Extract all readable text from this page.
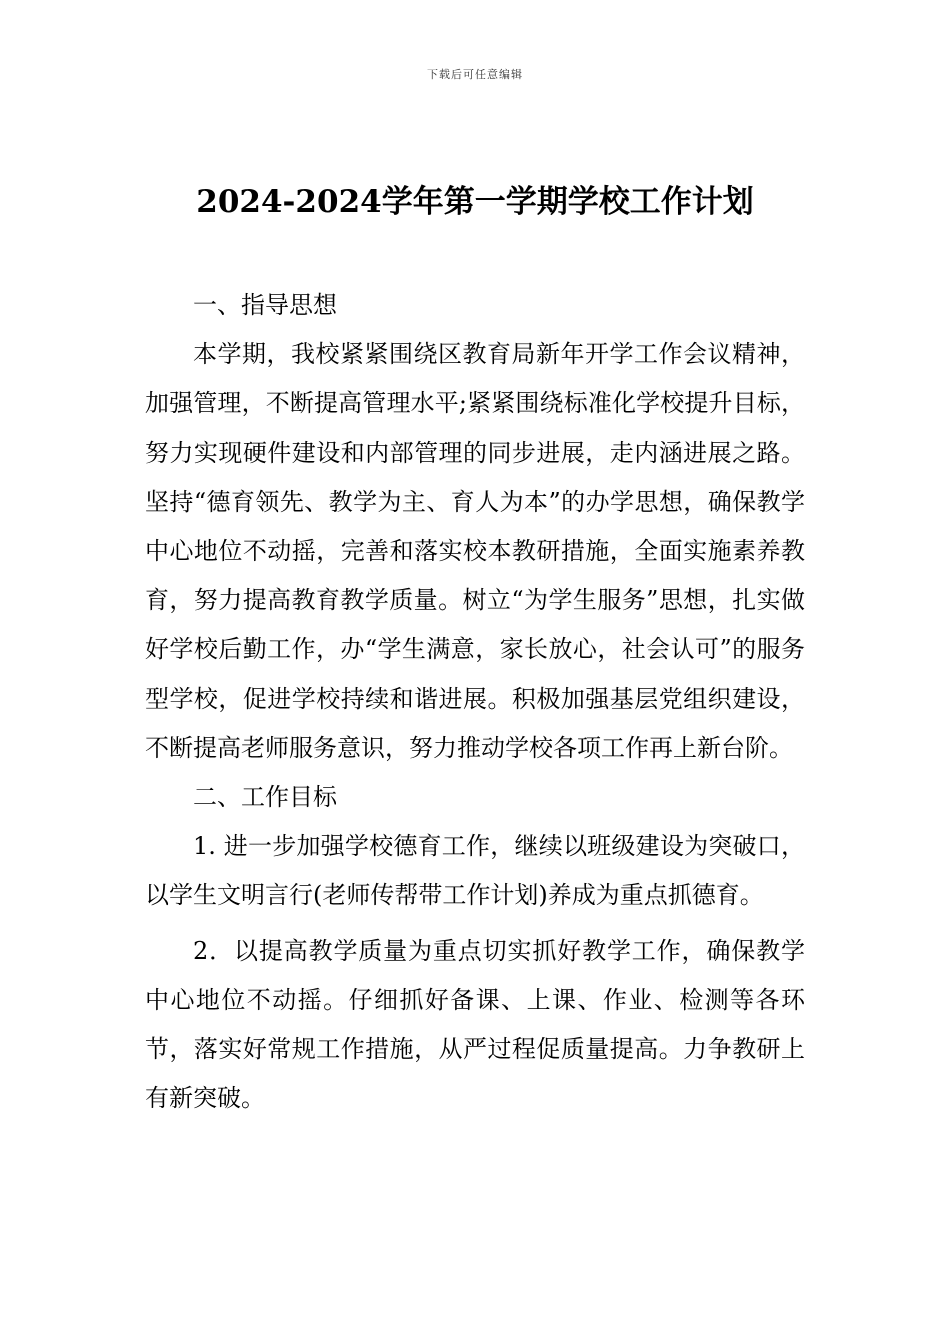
下载后可任意编辑
2024-2024学年第一学期学校工作计划

一、指导思想

本学期，我校紧紧围绕区教育局新年开学工作会议精神，加强管理，不断提高管理水平;紧紧围绕标准化学校提升目标，努力实现硬件建设和内部管理的同步进展，走内涵进展之路。坚持“德育领先、教学为主、育人为本”的办学思想，确保教学中心地位不动摇，完善和落实校本教研措施，全面实施素养教育，努力提高教育教学质量。树立“为学生服务”思想，扎实做好学校后勤工作，办“学生满意，家长放心，社会认可”的服务型学校，促进学校持续和谐进展。积极加强基层党组织建设，不断提高老师服务意识，努力推动学校各项工作再上新台阶。

二、工作目标

1. 进一步加强学校德育工作，继续以班级建设为突破口，以学生文明言行(老师传帮带工作计划)养成为重点抓德育。

2．以提高教学质量为重点切实抓好教学工作，确保教学中心地位不动摇。仔细抓好备课、上课、作业、检测等各环节，落实好常规工作措施，从严过程促质量提高。力争教研上有新突破。
